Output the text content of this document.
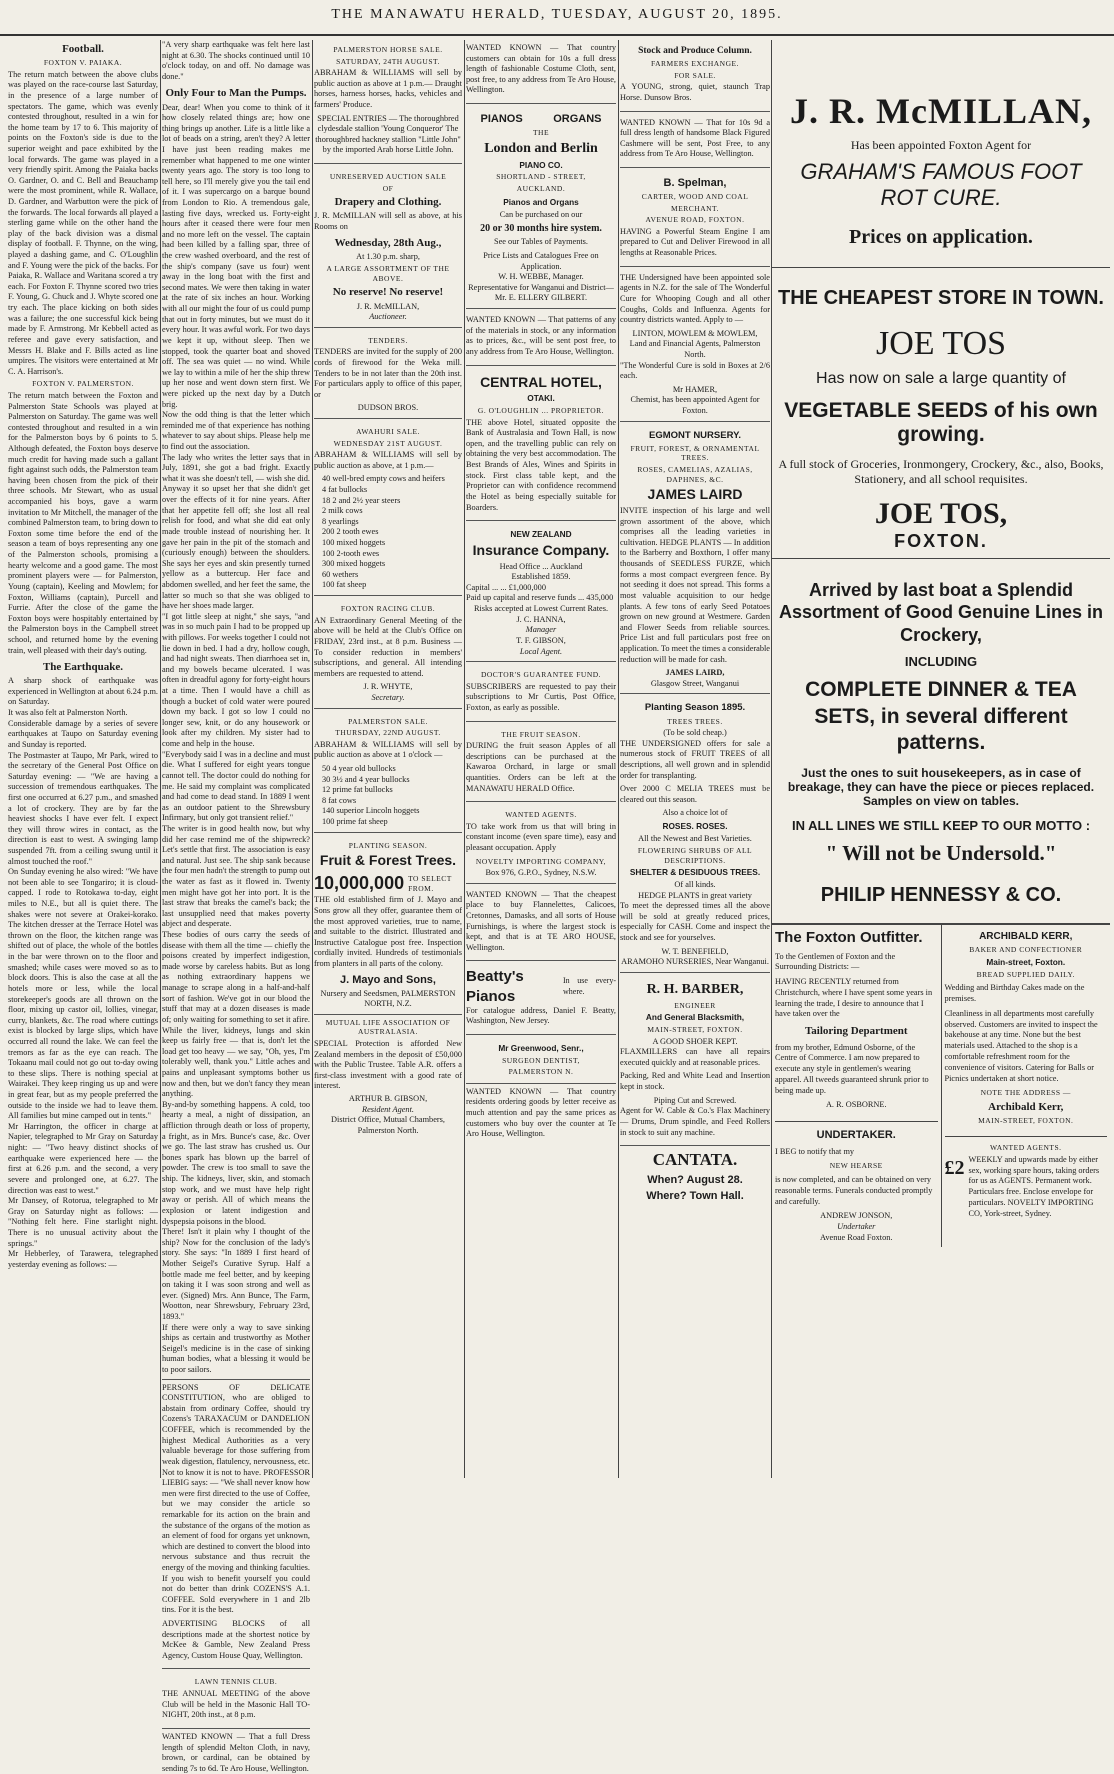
THE MANAWATU HERALD, TUESDAY, AUGUST 20, 1895.
Football.
FOXTON V. PAIAKA.
The return match between the above clubs was played on the race-course last Saturday, in the presence of a large number of spectators. The game, which was evenly contested throughout, resulted in a win for the home team by 17 to 6. This majority of points on the Foxton's side is due to the superior weight and pace exhibited by the local forwards. The game was played in a very friendly spirit. Among the Paiaka backs O. Gardner, O. and C. Bell and Beauchamp were the most prominent, while R. Wallace, D. Gardner, and Warbutton were the pick of the forwards. The local forwards all played a sterling game while on the other hand the play of the back division was a dismal display of football. F. Thynne, on the wing, played a dashing game, and C. O'Loughlin and F. Young were the pick of the backs. For Paiaka, R. Wallace and Waritana scored a try each. For Foxton F. Thynne scored two tries F. Young, G. Chuck and J. Whyte scored one try each. The place kicking on both sides was a failure; the one successful kick being made by F. Armstrong. Mr Kebbell acted as referee and gave every satisfaction, and Messrs H. Blake and F. Bills acted as line umpires. The visitors were entertained at Mr C. A. Harrison's.
FOXTON V. PALMERSTON.
The return match between the Foxton and Palmerston State Schools was played at Palmerston on Saturday. The game was well contested throughout and resulted in a win for the Palmerston boys by 6 points to 5. Although defeated, the Foxton boys deserve much credit for having made such a gallant fight against such odds, the Palmerston team having been chosen from the pick of their three schools. Mr Stewart, who as usual accompanied his boys, gave a warm invitation to Mr Mitchell, the manager of the combined Palmerston team, to bring down to Foxton some time before the end of the season a team of boys representing any one of the Palmerston schools, promising a hearty welcome and a good game. The most prominent players were — for Palmerston, Young (captain), Keeling and Mowlem; for Foxton, Williams (captain), Purcell and Furrie. After the close of the game the Foxton boys were hospitably entertained by the Palmerston boys in the Campbell street school, and returned home by the evening train, well pleased with their day's outing.
The Earthquake.
A sharp shock of earthquake was experienced in Wellington at about 6.24 p.m. on Saturday.
It was also felt at Palmerston North.
Considerable damage by a series of severe earthquakes at Taupo on Saturday evening and Sunday is reported.
The Postmaster at Taupo, Mr Park, wired to the secretary of the General Post Office on Saturday evening: — "We are having a succession of tremendous earthquakes. The first one occurred at 6.27 p.m., and smashed a lot of crockery. They are by far the heaviest shocks I have ever felt. I expect they will throw wires in contact, as the direction is east to west. A swinging lamp suspended 7ft. from a ceiling swung until it almost touched the roof."
On Sunday evening he also wired: "We have not been able to see Tongariro; it is cloud-capped. I rode to Rotokawa to-day, eight miles to N.E., but all is quiet there. The shakes were not severe at Orakei-korako. The kitchen dresser at the Terrace Hotel was thrown on the floor, the kitchen range was shifted out of place, the whole of the bottles in the bar were thrown on to the floor and smashed; while cases were moved so as to block doors. This is also the case at all the hotels more or less, while the local storekeeper's goods are all thrown on the floor, mixing up castor oil, lollies, vinegar, curry, blankets, &c. The road where cuttings exist is blocked by large slips, which have occurred all round the lake. We can feel the tremors as far as the eye can reach. The Tokaanu mail could not go out to-day owing to these slips. There is nothing special at Wairakei. They keep ringing us up and were in great fear, but as my people preferred the outside to the inside we had to leave them. All families but mine camped out in tents."
Mr Harrington, the officer in charge at Napier, telegraphed to Mr Gray on Saturday night: — "Two heavy distinct shocks of earthquake were experienced here — the first at 6.26 p.m. and the second, a very severe and prolonged one, at 6.27. The direction was east to west."
Mr Dansey, of Rotorua, telegraphed to Mr Gray on Saturday night as follows: — "Nothing felt here. Fine starlight night. There is no unusual activity about the springs."
Mr Hebberley, of Tarawera, telegraphed yesterday evening as follows: —
"A very sharp earthquake was felt here last night at 6.30. The shocks continued until 10 o'clock today, on and off. No damage was done."
Only Four to Man the Pumps.
Dear, dear! When you come to think of it how closely related things are; how one thing brings up another. Life is a little like a lot of beads on a string, aren't they? A letter I have just been reading makes me remember what happened to me one winter twenty years ago. The story is too long to tell here, so I'll merely give you the tail end of it. I was supercargo on a barque bound from London to Rio. A tremendous gale, lasting five days, wrecked us. Forty-eight hours after it ceased there were four men and no more left on the vessel. The captain had been killed by a falling spar, three of the crew washed overboard, and the rest of the ship's company (save us four) went away in the long boat with the first and second mates. We were then taking in water at the rate of six inches an hour. Working with all our might the four of us could pump that out in forty minutes, but we must do it every hour. It was awful work. For two days we kept it up, without sleep. Then we stopped, took the quarter boat and shoved off. The sea was quiet — no wind. While we lay to within a mile of her the ship threw up her nose and went down stern first. We were picked up the next day by a Dutch brig.
Now the odd thing is that the letter which reminded me of that experience has nothing whatever to say about ships. Please help me to find out the association.
The lady who writes the letter says that in July, 1891, she got a bad fright. Exactly what it was she doesn't tell, — wish she did. Anyway it so upset her that she didn't get over the effects of it for nine years. After that her appetite fell off; she lost all real relish for food, and what she did eat only made trouble instead of nourishing her. It gave her pain in the pit of the stomach and (curiously enough) between the shoulders. She says her eyes and skin presently turned yellow as a buttercup. Her face and abdomen swelled, and her feet the same, the latter so much so that she was obliged to have her shoes made larger.
"I got little sleep at night," she says, "and was in so much pain I had to be propped up with pillows. For weeks together I could not lie down in bed. I had a dry, hollow cough, and had night sweats. Then diarrhoea set in, and my bowels became ulcerated. I was often in dreadful agony for forty-eight hours at a time. Then I would have a chill as though a bucket of cold water were poured down my back. I got so low I could no longer sew, knit, or do any housework or look after my children. My sister had to come and help in the house.
"Everybody said I was in a decline and must die. What I suffered for eight years tongue cannot tell. The doctor could do nothing for me. He said my complaint was complicated and had come to dead stand. In 1889 I went as an outdoor patient to the Shrewsbury Infirmary, but only got transient relief."
The writer is in good health now, but why did her case remind me of the shipwreck? Let's settle that first. The association is easy and natural. Just see. The ship sank because the four men hadn't the strength to pump out the water as fast as it flowed in. Twenty men might have got her into port. It is the last straw that breaks the camel's back; the last unsupplied need that makes poverty abject and desperate.
These bodies of ours carry the seeds of disease with them all the time — chiefly the poisons created by imperfect indigestion, made worse by careless habits. But as long as nothing extraordinary happens we manage to scrape along in a half-and-half sort of fashion. We've got in our blood the stuff that may at a dozen diseases is made of; only waiting for something to set it afire. While the liver, kidneys, lungs and skin keep us fairly free — that is, don't let the load get too heavy — we say, "Oh, yes, I'm tolerably well, thank you." Little aches and pains and unpleasant symptoms bother us now and then, but we don't fancy they mean anything.
By-and-by something happens. A cold, too hearty a meal, a night of dissipation, an affliction through death or loss of property, a fright, as in Mrs. Bunce's case, &c. Over we go. The last straw has crushed us. Our bones spark has blown up the barrel of powder. The crew is too small to save the ship. The kidneys, liver, skin, and stomach stop work, and we must have help right away or perish. All of which means the explosion or latent indigestion and dyspepsia poisons in the blood.
There! Isn't it plain why I thought of the ship? Now for the conclusion of the lady's story. She says: "In 1889 I first heard of Mother Seigel's Curative Syrup. Half a bottle made me feel better, and by keeping on taking it I was soon strong and well as ever. (Signed) Mrs. Ann Bunce, The Farm, Wootton, near Shrewsbury, February 23rd, 1893."
If there were only a way to save sinking ships as certain and trustworthy as Mother Seigel's medicine is in the case of sinking human bodies, what a blessing it would be to poor sailors.

PERSONS OF DELICATE CONSTITUTION, who are obliged to abstain from ordinary Coffee, should try Cozens's TARAXACUM or DANDELION COFFEE, which is recommended by the highest Medical Authorities as a very valuable beverage for those suffering from weak digestion, flatulency, nervousness, etc. Not to know it is not to have. PROFESSOR LIEBIG says: — "We shall never know how men were first directed to the use of Coffee, but we may consider the article so remarkable for its action on the brain and the substance of the organs of the motion as an element of food for organs yet unknown, which are destined to convert the blood into nervous substance and thus recruit the energy of the moving and thinking faculties. If you wish to benefit yourself you could not do better than drink COZENS'S A.1. COFFEE. Sold everywhere in 1 and 2lb tins. For it is the best.

ADVERTISING BLOCKS of all descriptions made at the shortest notice by McKee & Gamble, New Zealand Press Agency, Custom House Quay, Wellington.

LAWN TENNIS CLUB.

THE ANNUAL MEETING of the above Club will be held in the Masonic Hall TO-NIGHT, 20th inst., at 8 p.m.

WANTED KNOWN — That a full Dress length of splendid Melton Cloth, in navy, brown, or cardinal, can be obtained by sending 7s to 6d. Te Aro House, Wellington.
PALMERSTON HORSE SALE.
SATURDAY, 24TH AUGUST.

ABRAHAM & WILLIAMS will sell by public auction as above at 1 p.m.— Draught horses, harness horses, hacks, vehicles and farmers' Produce.

SPECIAL ENTRIES — The thoroughbred clydesdale stallion 'Young Conqueror' The thoroughbred hackney stallion "Little John" by the imported Arab horse Little John.

UNRESERVED AUCTION SALE
OF
Drapery and Clothing.

J. R. McMILLAN will sell as above, at his Rooms on

Wednesday, 28th Aug.,
At 1.30 p.m. sharp,
A LARGE ASSORTMENT OF THE ABOVE.
No reserve! No reserve!
J. R. McMILLAN,
Auctioneer.
TENDERS.

TENDERS are invited for the supply of 200 cords of firewood for the Weka mill. Tenders to be in not later than the 20th inst. For particulars apply to office of this paper, or

DUDSON BROS.
AWAHURI SALE.
WEDNESDAY 21ST AUGUST.

ABRAHAM & WILLIAMS will sell by public auction as above, at 1 p.m.—

40 well-bred empty cows and heifers
4 fat bullocks
18 2 and 2½ year steers
2 milk cows
8 yearlings
200 2 tooth ewes
100 mixed hoggets
100 2-tooth ewes
300 mixed hoggets
60 wethers
100 fat sheep
FOXTON RACING CLUB.

AN Extraordinary General Meeting of the above will be held at the Club's Office on FRIDAY, 23rd inst., at 8 p.m. Business — To consider reduction in members' subscriptions, and general. All intending members are requested to attend.

J. R. WHYTE,
Secretary.
PALMERSTON SALE.
THURSDAY, 22ND AUGUST.

ABRAHAM & WILLIAMS will sell by public auction as above at 1 o'clock —

50 4 year old bullocks
30 3½ and 4 year bullocks
12 prime fat bullocks
8 fat cows
140 superior Lincoln hoggets
100 prime fat sheep
PLANTING SEASON.
Fruit & Forest Trees.
10,000,000 TO SELECT FROM.

THE old established firm of J. Mayo and Sons grow all they offer, guarantee them of the most approved varieties, true to name, and suitable to the district. Illustrated and Instructive Catalogue post free. Inspection cordially invited. Hundreds of testimonials from planters in all parts of the colony.

J. Mayo and Sons,
Nursery and Seedsmen, PALMERSTON NORTH, N.Z.
MUTUAL LIFE ASSOCIATION OF AUSTRALASIA.

SPECIAL Protection is afforded New Zealand members in the deposit of £50,000 with the Public Trustee. Table A.R. offers a first-class investment with a good rate of interest.

ARTHUR B. GIBSON,
Resident Agent.
District Office, Mutual Chambers, Palmerston North.

WANTED KNOWN — That country customers can obtain for 10s a full dress length of fashionable Costume Cloth, sent, post free, to any address from Te Aro House, Wellington.

PIANOS          ORGANS
THE
London and Berlin
PIANO CO.
SHORTLAND - STREET,
AUCKLAND.
Pianos and Organs
Can be purchased on our
20 or 30 months hire system.
See our Tables of Payments.
Price Lists and Catalogues Free on Application.
W. H. WEBBE, Manager.
Representative for Wanganui and District—
Mr. E. ELLERY GILBERT.

WANTED KNOWN — That patterns of any of the materials in stock, or any information as to prices, &c., will be sent post free, to any address from Te Aro House, Wellington.

CENTRAL HOTEL,
OTAKI.
G. O'LOUGHLIN ... PROPRIETOR.

THE above Hotel, situated opposite the Bank of Australasia and Town Hall, is now open, and the travelling public can rely on obtaining the very best accommodation. The Best Brands of Ales, Wines and Spirits in stock. First class table kept, and the Proprietor can with confidence recommend the Hotel as being especially suitable for Boarders.

NEW ZEALAND
Insurance Company.
Head Office ... Auckland
Established 1859.
Capital ... ... £1,000,000
Paid up capital and reserve funds ... 435,000
Risks accepted at Lowest Current Rates.
J. C. HANNA,
Manager
T. F. GIBSON,
Local Agent.
DOCTOR'S GUARANTEE FUND.

SUBSCRIBERS are requested to pay their subscriptions to Mr Curtis, Post Office, Foxton, as early as possible.

THE FRUIT SEASON.

DURING the fruit season Apples of all descriptions can be purchased at the Kawaroa Orchard, in large or small quantities. Orders can be left at the MANAWATU HERALD Office.

WANTED AGENTS.

TO take work from us that will bring in constant income (even spare time), easy and pleasant occupation. Apply

NOVELTY IMPORTING COMPANY,
Box 976, G.P.O., Sydney, N.S.W.

WANTED KNOWN — That the cheapest place to buy Flannelettes, Calicoes, Cretonnes, Damasks, and all sorts of House Furnishings, is where the largest stock is kept, and that is at TE ARO HOUSE, Wellington.

Beatty's Pianos
In use every-where.

For catalogue address, Daniel F. Beatty, Washington, New Jersey.

Mr Greenwood, Senr.,
SURGEON DENTIST,
PALMERSTON N.
WANTED KNOWN — That country residents ordering goods by letter receive as much attention and pay the same prices as customers who buy over the counter at Te Aro House, Wellington.
Stock and Produce Column.
FARMERS EXCHANGE.
FOR SALE.

A YOUNG, strong, quiet, staunch Trap Horse. Dunsow Bros.

WANTED KNOWN — That for 10s 9d a full dress length of handsome Black Figured Cashmere will be sent, Post Free, to any address from Te Aro House, Wellington.

B. Spelman,
CARTER, WOOD AND COAL
MERCHANT.
AVENUE ROAD, FOXTON.

HAVING a Powerful Steam Engine I am prepared to Cut and Deliver Firewood in all lengths at Reasonable Prices.

THE Undersigned have been appointed sole agents in N.Z. for the sale of The Wonderful Cure for Whooping Cough and all other Coughs, Colds and Influenza. Agents for country districts wanted. Apply to —

LINTON, MOWLEM & MOWLEM,
Land and Financial Agents, Palmerston North.

"The Wonderful Cure is sold in Boxes at 2/6 each.

Mr HAMER,
Chemist, has been appointed Agent for Foxton.
EGMONT NURSERY.
FRUIT, FOREST, & ORNAMENTAL TREES.
ROSES, CAMELIAS, AZALIAS, DAPHNES, &C.
JAMES LAIRD

INVITE inspection of his large and well grown assortment of the above, which comprises all the leading varieties in cultivation. HEDGE PLANTS — In addition to the Barberry and Boxthorn, I offer many thousands of SEEDLESS FURZE, which forms a most compact evergreen fence. By not seeding it does not spread. This forms a most valuable acquisition to our hedge plants. A few tons of early Seed Potatoes grown on new ground at Westmere. Garden and Flower Seeds from reliable sources. Price List and full particulars post free on application. To meet the times a considerable reduction will be made for cash.

JAMES LAIRD,
Glasgow Street, Wanganui
Planting Season 1895.
TREES TREES.
(To be sold cheap.)

THE UNDERSIGNED offers for sale a numerous stock of FRUIT TREES of all descriptions, all well grown and in splendid order for transplanting.

Over 2000 C MELIA TREES must be cleared out this season.

Also a choice lot of
ROSES. ROSES.
All the Newest and Best Varieties.
FLOWERING SHRUBS OF ALL DESCRIPTIONS.
SHELTER & DESIDUOUS TREES.
Of all kinds.
HEDGE PLANTS in great variety

To meet the depressed times all the above will be sold at greatly reduced prices, especially for CASH. Come and inspect the stock and see for yourselves.

W. T. BENEFIELD,
ARAMOHO NURSERIES, Near Wanganui.
R. H. BARBER,
ENGINEER
And General Blacksmith,
MAIN-STREET, FOXTON.
A GOOD SHOER KEPT.

FLAXMILLERS can have all repairs executed quickly and at reasonable prices.

Packing, Red and White Lead and Insertion kept in stock.

Piping Cut and Screwed.

Agent for W. Cable & Co.'s Flax Machinery — Drums, Drum spindle, and Feed Rollers in stock to suit any machine.

CANTATA.
When? August 28.
Where? Town Hall.
J. R. McMILLAN,
Has been appointed Foxton Agent for
GRAHAM'S FAMOUS FOOT ROT CURE.
Prices on application.
THE CHEAPEST STORE IN TOWN.
JOE TOS
Has now on sale a large quantity of
VEGETABLE SEEDS of his own growing.
A full stock of Groceries, Ironmongery, Crockery, &c., also, Books, Stationery, and all school requisites.
JOE TOS,
FOXTON.
Arrived by last boat a Splendid Assortment of Good Genuine Lines in Crockery,
INCLUDING
COMPLETE DINNER & TEA SETS, in several different patterns.
Just the ones to suit housekeepers, as in case of breakage, they can have the piece or pieces replaced. Samples on view on tables.
IN ALL LINES WE STILL KEEP TO OUR MOTTO :
" Will not be Undersold."
PHILIP HENNESSY & CO.
The Foxton Outfitter.

To the Gentlemen of Foxton and the Surrounding Districts: —

HAVING RECENTLY returned from Christchurch, where I have spent some years in learning the trade, I desire to announce that I have taken over the

Tailoring Department

from my brother, Edmund Osborne, of the Centre of Commerce. I am now prepared to execute any style in gentlemen's wearing apparel. All tweeds guaranteed shrunk prior to being made up.

A. R. OSBORNE.
UNDERTAKER.

I BEG to notify that my

NEW HEARSE

is now completed, and can be obtained on very reasonable terms. Funerals conducted promptly and carefully.

ANDREW JONSON,
Undertaker
Avenue Road Foxton.
ARCHIBALD KERR,
BAKER AND CONFECTIONER
Main-street, Foxton.
BREAD SUPPLIED DAILY.

Wedding and Birthday Cakes made on the premises.

Cleanliness in all departments most carefully observed. Customers are invited to inspect the bakehouse at any time. None but the best materials used. Attached to the shop is a comfortable refreshment room for the convenience of visitors. Catering for Balls or Picnics undertaken at short notice.

NOTE THE ADDRESS —
Archibald Kerr,
MAIN-STREET, FOXTON.
WANTED AGENTS.
£2 WEEKLY and upwards made by either sex, working spare hours, taking orders for us as AGENTS. Permanent work. Particulars free. Enclose envelope for particulars. NOVELTY IMPORTING CO, York-street, Sydney.
